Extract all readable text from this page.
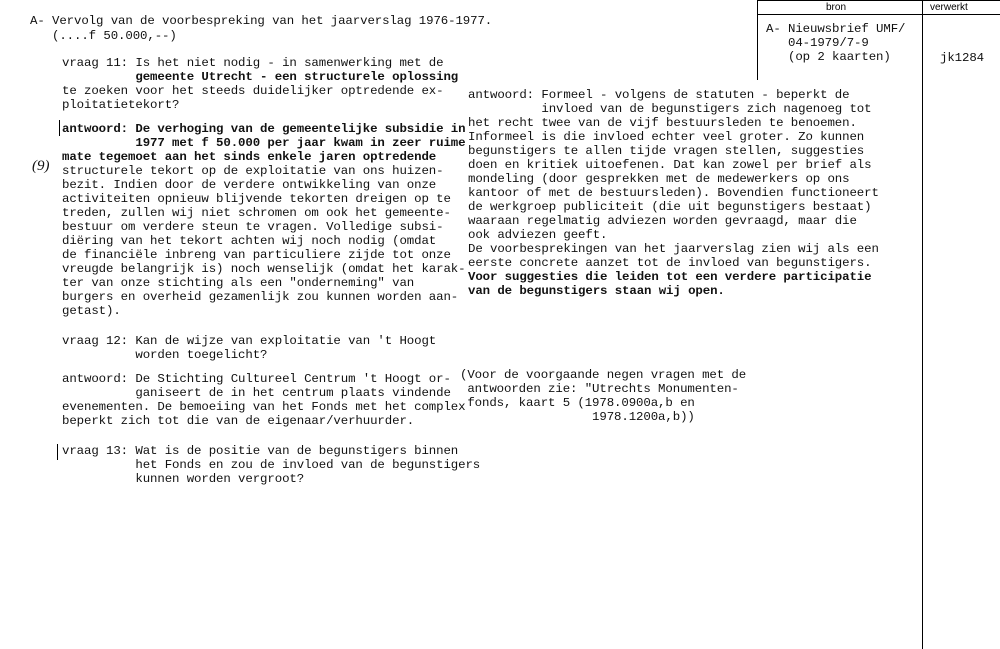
bron	verwerkt
A- Nieuwsbrief UMF/
04-1979/7-9
(op 2 kaarten)	jk1284
(9)
A- Vervolg van de voorbespreking van het jaarverslag 1976-1977.
(....f 50.000,--)
vraag 11: Is het niet nodig - in samenwerking met de
gemeente Utrecht - een structurele oplossing
te zoeken voor het steeds duidelijker optredende ex-
ploitatietekort?
antwoord: De verhoging van de gemeentelijke subsidie in
1977 met f 50.000 per jaar kwam in zeer ruime
mate tegemoet aan het sinds enkele jaren optredende
structurele tekort op de exploitatie van ons huizen-
bezit. Indien door de verdere ontwikkeling van onze
activiteiten opnieuw blijvende tekorten dreigen op te
treden, zullen wij niet schromen om ook het gemeente-
bestuur om verdere steun te vragen. Volledige subsi-
diëring van het tekort achten wij noch nodig (omdat
de financiële inbreng van particuliere zijde tot onze
vreugde belangrijk is) noch wenselijk (omdat het karak-
ter van onze stichting als een "onderneming" van
burgers en overheid gezamenlijk zou kunnen worden aan-
getast).
vraag 12: Kan de wijze van exploitatie van 't Hoogt
worden toegelicht?
antwoord: De Stichting Cultureel Centrum 't Hoogt or-
ganiseert de in het centrum plaats vindende
evenementen. De bemoeiing van het Fonds met het complex
beperkt zich tot die van de eigenaar/verhuurder.
vraag 13: Wat is de positie van de begunstigers binnen
het Fonds en zou de invloed van de begunstigers
kunnen worden vergroot?
antwoord: Formeel - volgens de statuten - beperkt de
invloed van de begunstigers zich nagenoeg tot
het recht twee van de vijf bestuursleden te benoemen.
Informeel is die invloed echter veel groter. Zo kunnen
begunstigers te allen tijde vragen stellen, suggesties
doen en kritiek uitoefenen. Dat kan zowel per brief als
mondeling (door gesprekken met de medewerkers op ons
kantoor of met de bestuursleden). Bovendien functioneert
de werkgroep publiciteit (die uit begunstigers bestaat)
waaraan regelmatig adviezen worden gevraagd, maar die
ook adviezen geeft.
De voorbesprekingen van het jaarverslag zien wij als een
eerste concrete aanzet tot de invloed van begunstigers.
Voor suggesties die leiden tot een verdere participatie
van de begunstigers staan wij open.
(Voor de voorgaande negen vragen met de
antwoorden zie: "Utrechts Monumenten-
fonds, kaart 5 (1978.0900a,b en
1978.1200a,b))
